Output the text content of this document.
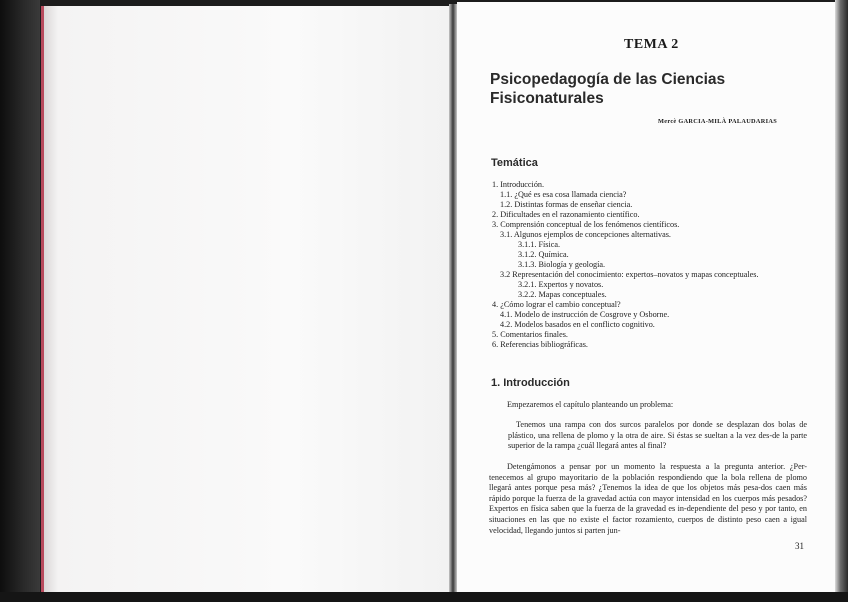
TEMA 2
Psicopedagogía de las Ciencias
Fisiconaturales
Mercè GARCIA-MILÀ PALAUDARIAS
Temática
1. Introducción.
1.1. ¿Qué es esa cosa llamada ciencia?
1.2. Distintas formas de enseñar ciencia.
2. Dificultades en el razonamiento científico.
3. Comprensión conceptual de los fenómenos científicos.
3.1. Algunos ejemplos de concepciones alternativas.
3.1.1. Física.
3.1.2. Química.
3.1.3. Biología y geología.
3.2 Representación del conocimiento: expertos–novatos y mapas conceptuales.
3.2.1. Expertos y novatos.
3.2.2. Mapas conceptuales.
4. ¿Cómo lograr el cambio conceptual?
4.1. Modelo de instrucción de Cosgrove y Osborne.
4.2. Modelos basados en el conflicto cognitivo.
5. Comentarios finales.
6. Referencias bibliográficas.
1. Introducción
Empezaremos el capítulo planteando un problema:
Tenemos una rampa con dos surcos paralelos por donde se desplazan dos bolas de plástico, una rellena de plomo y la otra de aire. Si éstas se sueltan a la vez des-de la parte superior de la rampa ¿cuál llegará antes al final?
Detengámonos a pensar por un momento la respuesta a la pregunta anterior. ¿Per-tenecemos al grupo mayoritario de la población respondiendo que la bola rellena de plomo llegará antes porque pesa más? ¿Tenemos la idea de que los objetos más pesa-dos caen más rápido porque la fuerza de la gravedad actúa con mayor intensidad en los cuerpos más pesados? Expertos en física saben que la fuerza de la gravedad es in-dependiente del peso y por tanto, en situaciones en las que no existe el factor rozamiento, cuerpos de distinto peso caen a igual velocidad, llegando juntos si parten jun-
31
